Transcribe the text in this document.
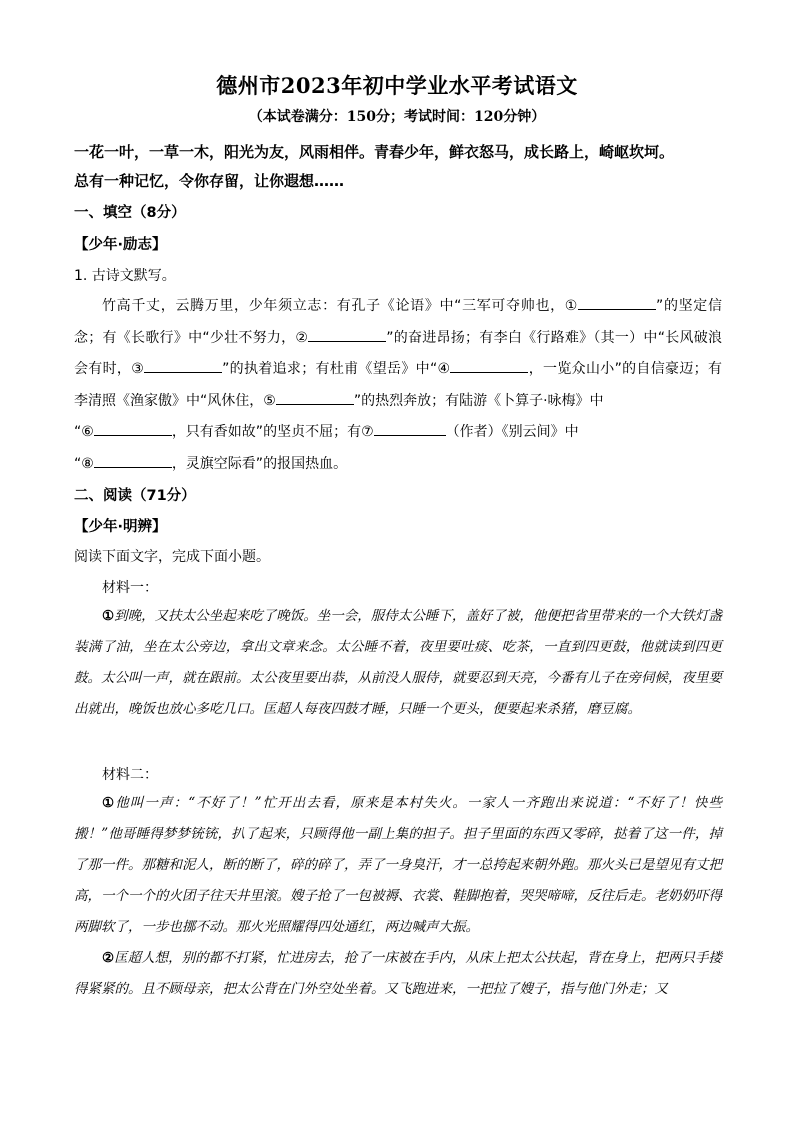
德州市2023年初中学业水平考试语文
（本试卷满分：150分；考试时间：120分钟）
一花一叶，一草一木，阳光为友，风雨相伴。青春少年，鲜衣怒马，成长路上，崎岖坎坷。
总有一种记忆，令你存留，让你遐想……
一、填空（8分）
【少年·励志】
1. 古诗文默写。

竹高千丈，云腾万里，少年须立志：有孔子《论语》中“三军可夺帅也，①	”的坚定信念；有《长歌行》中“少壮不努力，②	”的奋进昂扬；有李白《行路难》（其一）中“长风破浪会有时，③	”的执着追求；有杜甫《望岳》中“④	，一览众山小”的自信豪迈；有李清照《渔家傲》中“风休住，⑤	”的热烈奔放；有陆游《卜算子·咏梅》中

“⑥	，只有香如故”的坚贞不屈；有⑦	（作者）《别云间》中

“⑧	，灵旗空际看”的报国热血。

二、阅读（71分）
【少年·明辨】
阅读下面文字，完成下面小题。
材料一：

①到晚，又扶太公坐起来吃了晚饭。坐一会，服侍太公睡下，盖好了被，他便把省里带来的一个大铁灯盏装满了油，坐在太公旁边，拿出文章来念。太公睡不着，夜里要吐痰、吃茶，一直到四更鼓，他就读到四更鼓。太公叫一声，就在跟前。太公夜里要出恭，从前没人服侍，就要忍到天亮，今番有儿子在旁伺候，夜里要出就出，晚饭也放心多吃几口。匡超人每夜四鼓才睡，只睡一个更头，便要起来杀猪，磨豆腐。

材料二：

①他叫一声：“不好了！”忙开出去看，原来是本村失火。一家人一齐跑出来说道：“不好了！快些搬！”他哥睡得梦梦铳铳，扒了起来，只顾得他一副上集的担子。担子里面的东西又零碎，挞着了这一件，掉了那一件。那糖和泥人，断的断了，碎的碎了，弄了一身臭汗，才一总挎起来朝外跑。那火头已是望见有丈把高，一个一个的火团子往天井里滚。嫂子抢了一包被褥、衣裳、鞋脚抱着，哭哭啼啼，反往后走。老奶奶吓得两脚软了，一步也挪不动。那火光照耀得四处通红，两边喊声大振。

②匡超人想，别的都不打紧，忙进房去，抢了一床被在手内，从床上把太公扶起，背在身上，把两只手搂得紧紧的。且不顾母亲，把太公背在门外空处坐着。又飞跑进来，一把拉了嫂子，指与他门外走；又
